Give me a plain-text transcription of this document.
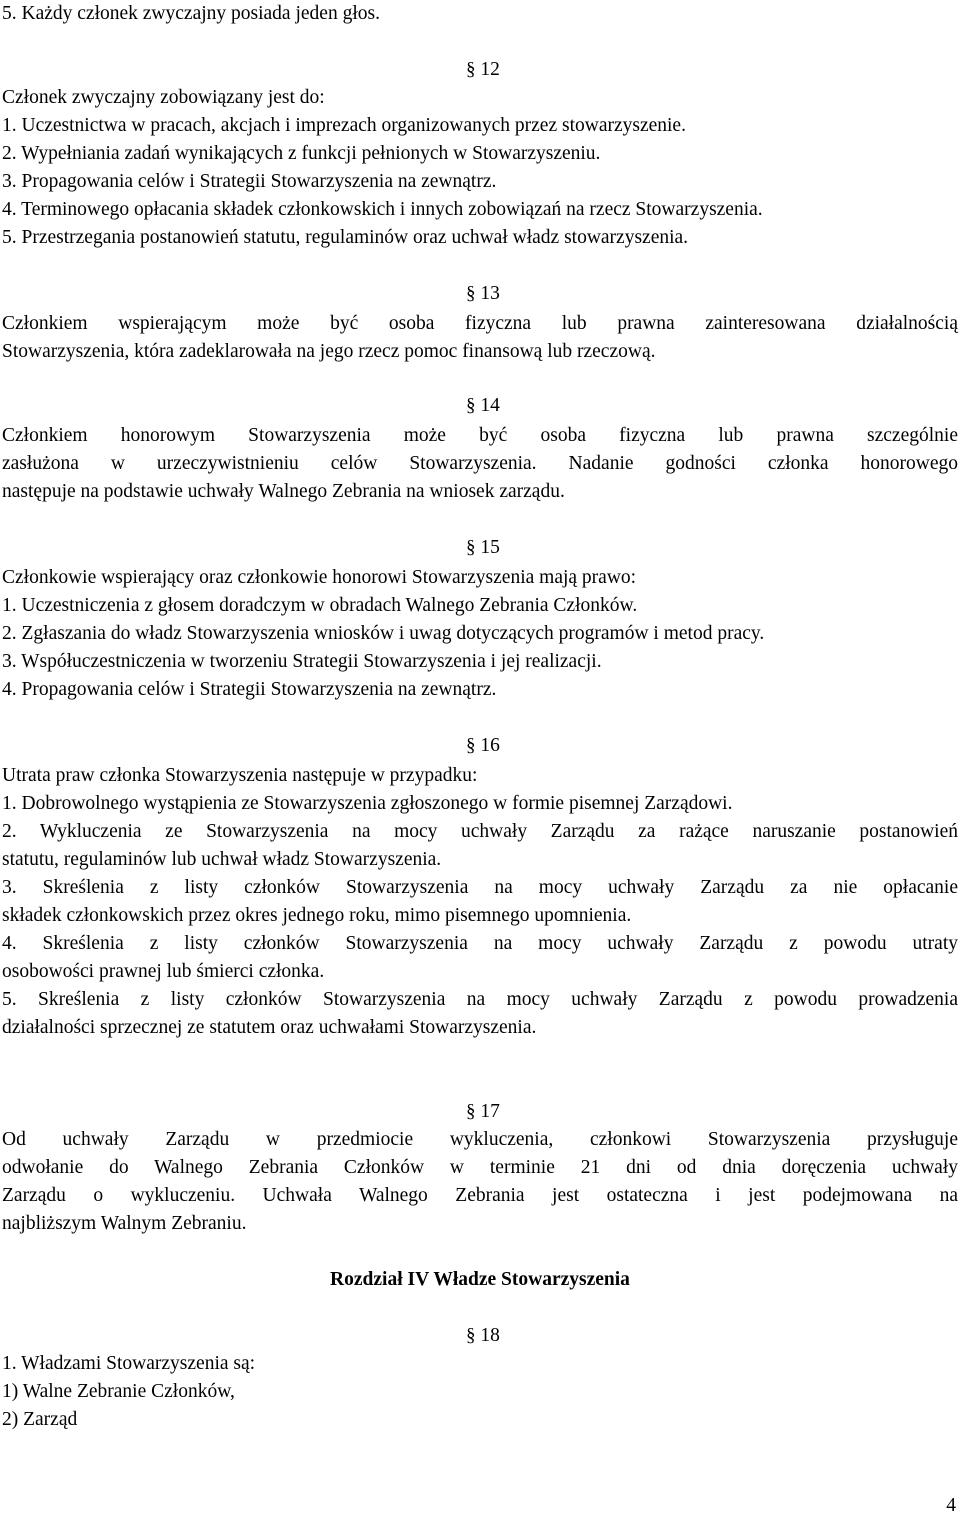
5. Każdy członek zwyczajny posiada jeden głos.
§ 12
Członek zwyczajny zobowiązany jest do:
1. Uczestnictwa w pracach, akcjach i imprezach organizowanych przez stowarzyszenie.
2. Wypełniania zadań wynikających z funkcji pełnionych w Stowarzyszeniu.
3. Propagowania celów i Strategii Stowarzyszenia na zewnątrz.
4. Terminowego opłacania składek członkowskich i innych zobowiązań na rzecz Stowarzyszenia.
5. Przestrzegania postanowień statutu, regulaminów oraz uchwał władz stowarzyszenia.
§ 13
Członkiem wspierającym może być osoba fizyczna lub prawna zainteresowana działalnością
Stowarzyszenia, która zadeklarowała na jego rzecz pomoc finansową lub rzeczową.
§ 14
Członkiem honorowym Stowarzyszenia może być osoba fizyczna lub prawna szczególnie
zasłużona w urzeczywistnieniu celów Stowarzyszenia. Nadanie godności członka honorowego
następuje na podstawie uchwały Walnego Zebrania na wniosek zarządu.
§ 15
Członkowie wspierający oraz członkowie honorowi Stowarzyszenia mają prawo:
1. Uczestniczenia z głosem doradczym w obradach Walnego Zebrania Członków.
2. Zgłaszania do władz Stowarzyszenia wniosków i uwag dotyczących programów i metod pracy.
3. Współuczestniczenia w tworzeniu Strategii Stowarzyszenia i jej realizacji.
4. Propagowania celów i Strategii Stowarzyszenia na zewnątrz.
§ 16
Utrata praw członka Stowarzyszenia następuje w przypadku:
1. Dobrowolnego wystąpienia ze Stowarzyszenia zgłoszonego w formie pisemnej Zarządowi.
2. Wykluczenia ze Stowarzyszenia na mocy uchwały Zarządu za rażące naruszanie postanowień
statutu, regulaminów lub uchwał władz Stowarzyszenia.
3. Skreślenia z listy członków Stowarzyszenia na mocy uchwały Zarządu za nie opłacanie
składek członkowskich przez okres jednego roku, mimo pisemnego upomnienia.
4. Skreślenia z listy członków Stowarzyszenia na mocy uchwały Zarządu z powodu utraty
osobowości prawnej lub śmierci członka.
5. Skreślenia z listy członków Stowarzyszenia na mocy uchwały Zarządu z powodu prowadzenia
działalności sprzecznej ze statutem oraz uchwałami Stowarzyszenia.
§ 17
Od uchwały Zarządu w przedmiocie wykluczenia, członkowi Stowarzyszenia przysługuje
odwołanie do Walnego Zebrania Członków w terminie 21 dni od dnia doręczenia uchwały
Zarządu o wykluczeniu. Uchwała Walnego Zebrania jest ostateczna i jest podejmowana na
najbliższym Walnym Zebraniu.
Rozdział IV Władze Stowarzyszenia
§ 18
1. Władzami Stowarzyszenia są:
1) Walne Zebranie Członków,
2) Zarząd
4
